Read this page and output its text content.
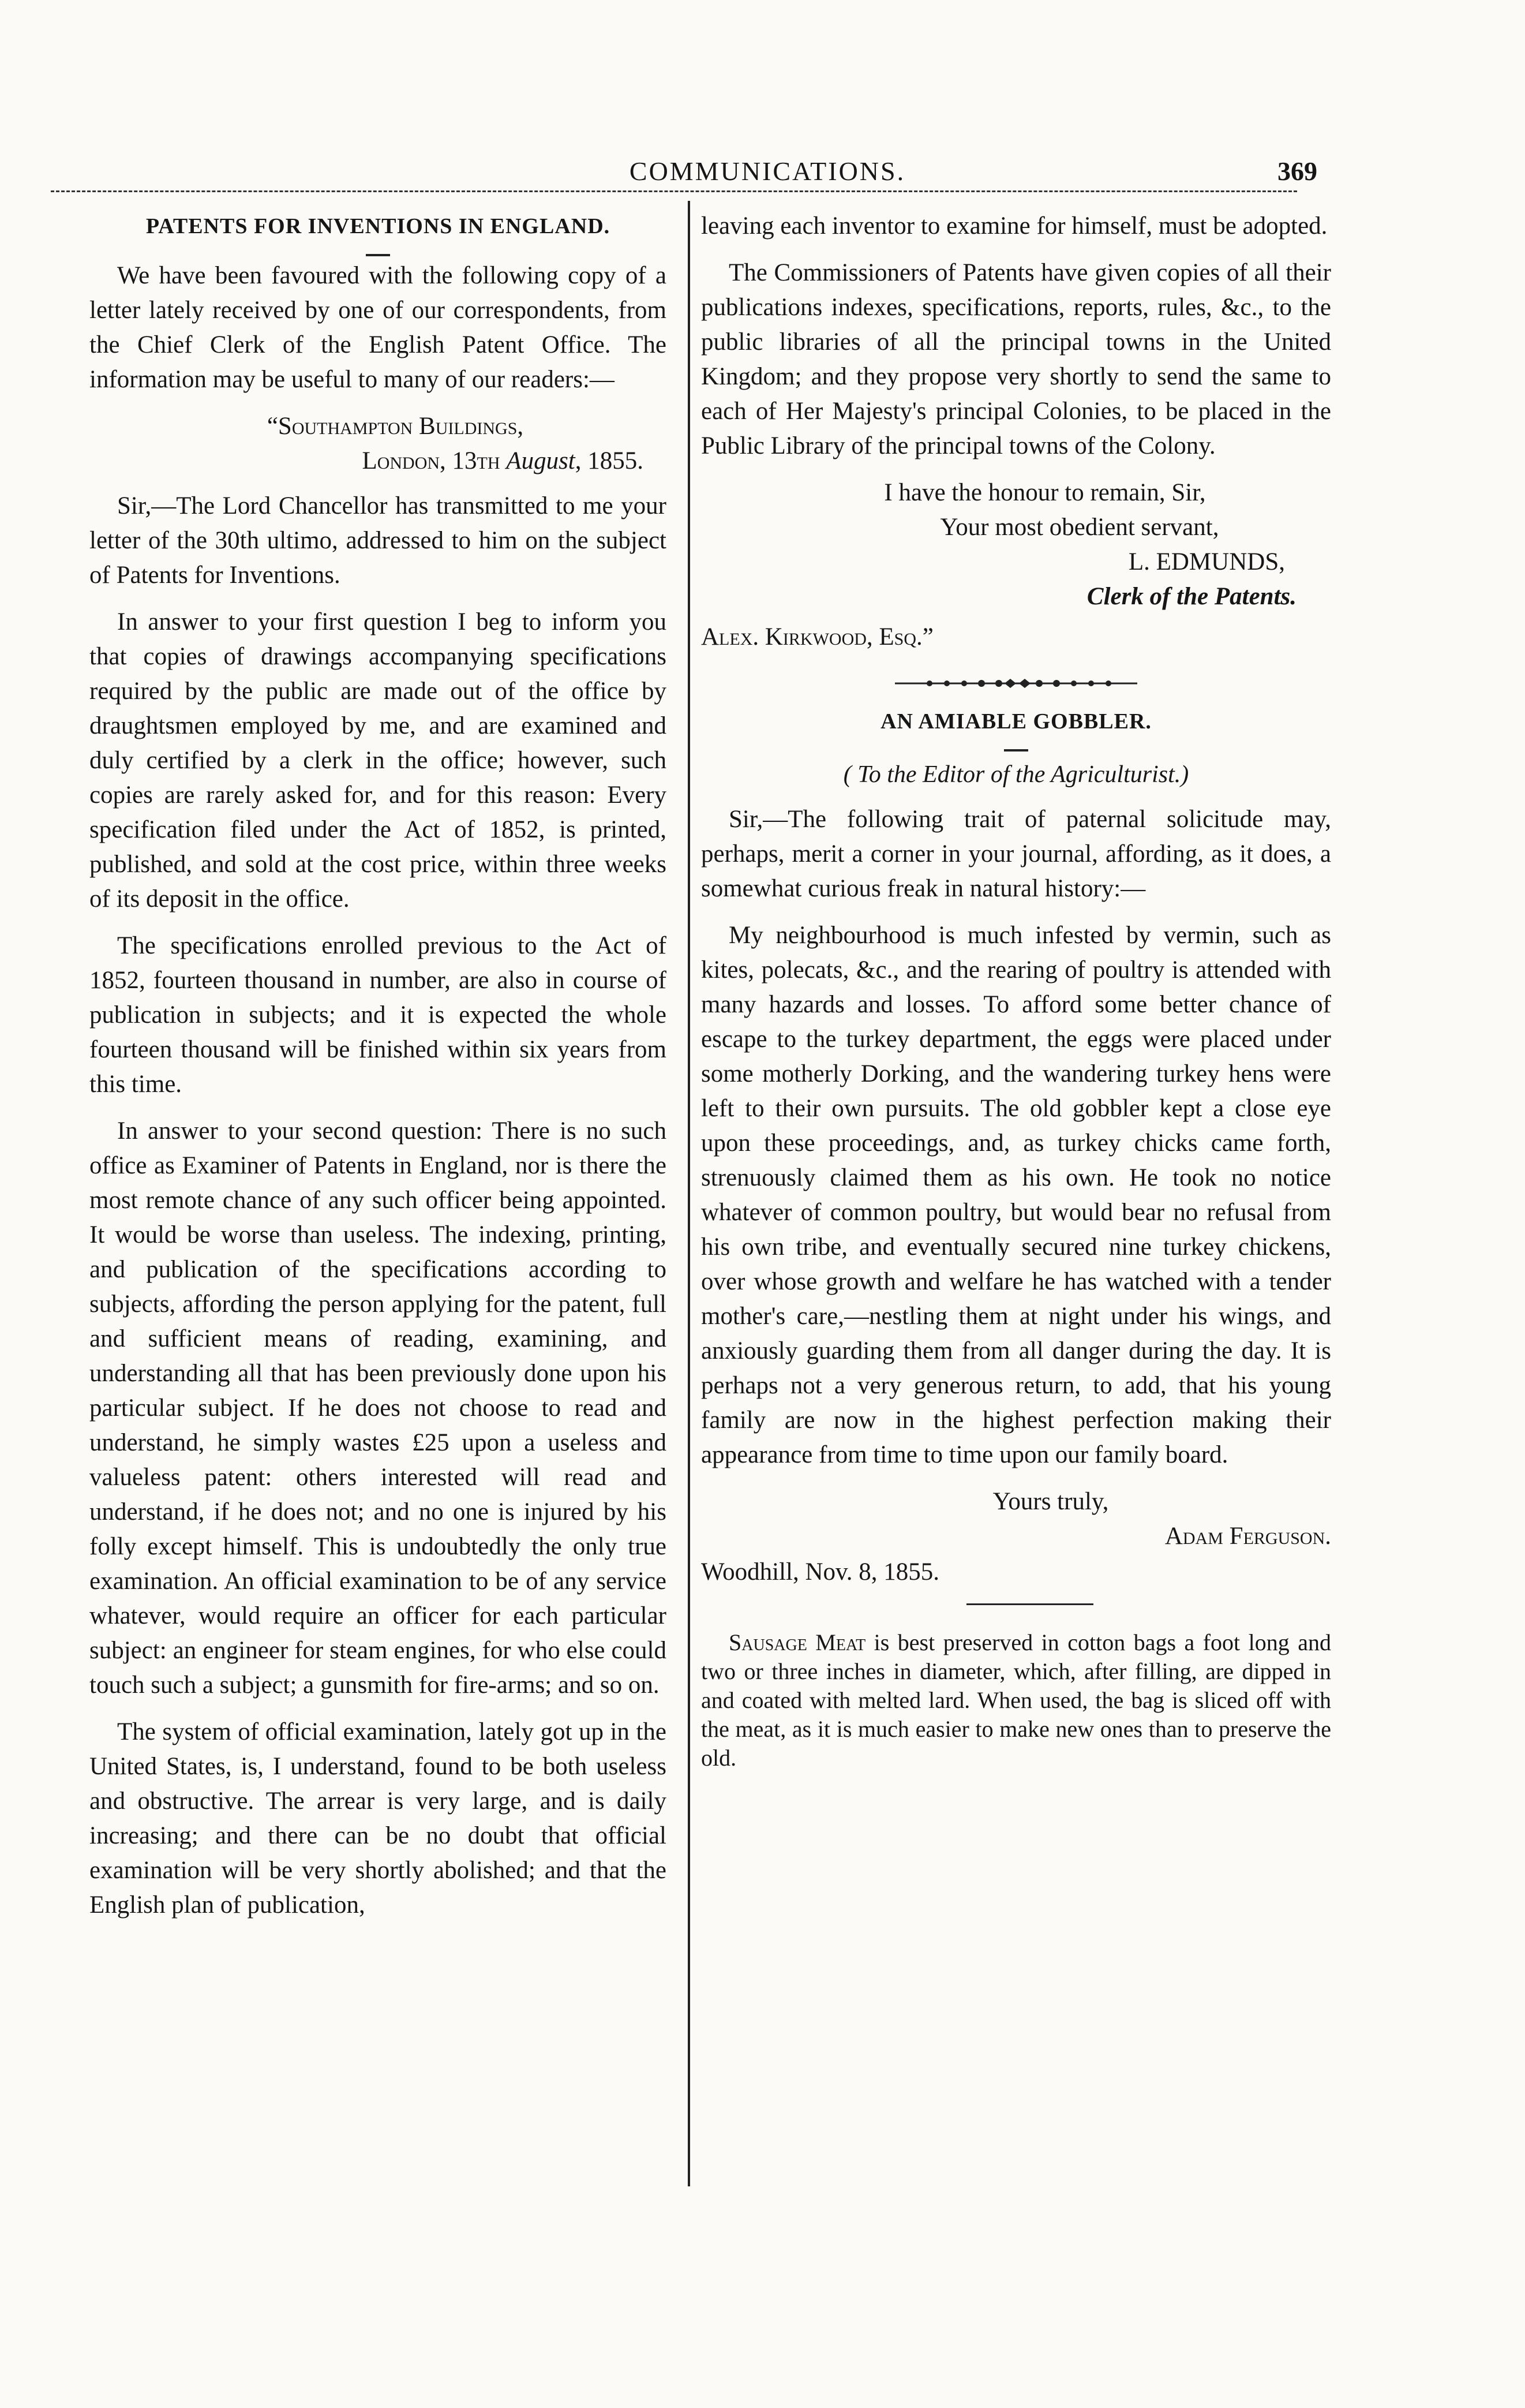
COMMUNICATIONS.	369
PATENTS FOR INVENTIONS IN ENGLAND.

We have been favoured with the following copy of a letter lately received by one of our correspondents, from the Chief Clerk of the English Patent Office. The information may be useful to many of our readers:—

“Southampton Buildings,
London, 13th August, 1855.

Sir,—The Lord Chancellor has transmitted to me your letter of the 30th ultimo, addressed to him on the subject of Patents for Inventions.

In answer to your first question I beg to inform you that copies of drawings accompanying specifications required by the public are made out of the office by draughtsmen employed by me, and are examined and duly certified by a clerk in the office; however, such copies are rarely asked for, and for this reason: Every specification filed under the Act of 1852, is printed, published, and sold at the cost price, within three weeks of its deposit in the office.

The specifications enrolled previous to the Act of 1852, fourteen thousand in number, are also in course of publication in subjects; and it is expected the whole fourteen thousand will be finished within six years from this time.

In answer to your second question: There is no such office as Examiner of Patents in England, nor is there the most remote chance of any such officer being appointed. It would be worse than useless. The indexing, printing, and publication of the specifications according to subjects, affording the person applying for the patent, full and sufficient means of reading, examining, and understanding all that has been previously done upon his particular subject. If he does not choose to read and understand, he simply wastes £25 upon a useless and valueless patent: others interested will read and understand, if he does not; and no one is injured by his folly except himself. This is undoubtedly the only true examination. An official examination to be of any service whatever, would require an officer for each particular subject: an engineer for steam engines, for who else could touch such a subject; a gunsmith for fire-arms; and so on.

The system of official examination, lately got up in the United States, is, I understand, found to be both useless and obstructive. The arrear is very large, and is daily increasing; and there can be no doubt that official examination will be very shortly abolished; and that the English plan of publication,

leaving each inventor to examine for himself, must be adopted.

The Commissioners of Patents have given copies of all their publications indexes, specifications, reports, rules, &c., to the public libraries of all the principal towns in the United Kingdom; and they propose very shortly to send the same to each of Her Majesty's principal Colonies, to be placed in the Public Library of the principal towns of the Colony.

I have the honour to remain, Sir,
Your most obedient servant,
L. EDMUNDS,
Clerk of the Patents.
Alex. Kirkwood, Esq.”
AN AMIABLE GOBBLER.
( To the Editor of the Agriculturist.)

Sir,—The following trait of paternal solicitude may, perhaps, merit a corner in your journal, affording, as it does, a somewhat curious freak in natural history:—

My neighbourhood is much infested by vermin, such as kites, polecats, &c., and the rearing of poultry is attended with many hazards and losses. To afford some better chance of escape to the turkey department, the eggs were placed under some motherly Dorking, and the wandering turkey hens were left to their own pursuits. The old gobbler kept a close eye upon these proceedings, and, as turkey chicks came forth, strenuously claimed them as his own. He took no notice whatever of common poultry, but would bear no refusal from his own tribe, and eventually secured nine turkey chickens, over whose growth and welfare he has watched with a tender mother's care,—nestling them at night under his wings, and anxiously guarding them from all danger during the day. It is perhaps not a very generous return, to add, that his young family are now in the highest perfection making their appearance from time to time upon our family board.

Yours truly,
Adam Ferguson.
Woodhill, Nov. 8, 1855.

Sausage Meat is best preserved in cotton bags a foot long and two or three inches in diameter, which, after filling, are dipped in and coated with melted lard. When used, the bag is sliced off with the meat, as it is much easier to make new ones than to preserve the old.
